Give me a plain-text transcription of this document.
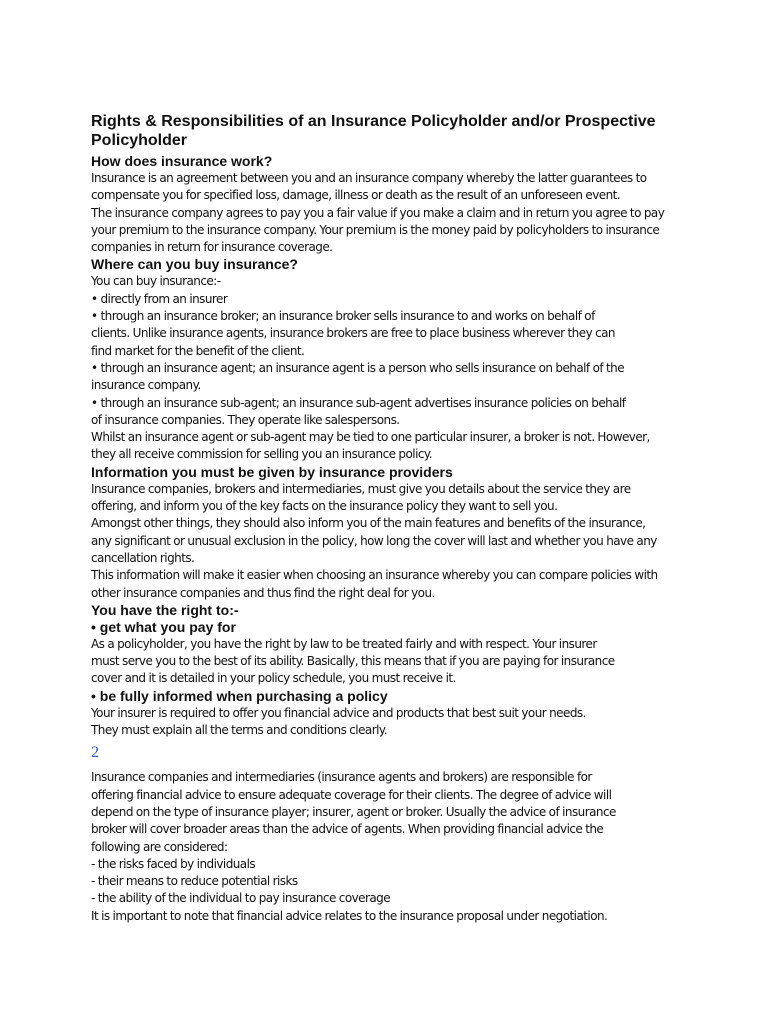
Rights & Responsibilities of an Insurance Policyholder and/or Prospective
Policyholder
How does insurance work?

Insurance is an agreement between you and an insurance company whereby the latter guarantees to

compensate you for specified loss, damage, illness or death as the result of an unforeseen event.

The insurance company agrees to pay you a fair value if you make a claim and in return you agree to pay

your premium to the insurance company. Your premium is the money paid by policyholders to insurance

companies in return for insurance coverage.

Where can you buy insurance?

You can buy insurance:-

• directly from an insurer

• through an insurance broker; an insurance broker sells insurance to and works on behalf of

clients. Unlike insurance agents, insurance brokers are free to place business wherever they can

find market for the benefit of the client.

• through an insurance agent; an insurance agent is a person who sells insurance on behalf of the

insurance company.

• through an insurance sub-agent; an insurance sub-agent advertises insurance policies on behalf

of insurance companies. They operate like salespersons.

Whilst an insurance agent or sub-agent may be tied to one particular insurer, a broker is not. However,

they all receive commission for selling you an insurance policy.

Information you must be given by insurance providers

Insurance companies, brokers and intermediaries, must give you details about the service they are

offering, and inform you of the key facts on the insurance policy they want to sell you.

Amongst other things, they should also inform you of the main features and benefits of the insurance,

any significant or unusual exclusion in the policy, how long the cover will last and whether you have any

cancellation rights.

This information will make it easier when choosing an insurance whereby you can compare policies with

other insurance companies and thus find the right deal for you.

You have the right to:-
• get what you pay for

As a policyholder, you have the right by law to be treated fairly and with respect. Your insurer

must serve you to the best of its ability. Basically, this means that if you are paying for insurance

cover and it is detailed in your policy schedule, you must receive it.

• be fully informed when purchasing a policy

Your insurer is required to offer you financial advice and products that best suit your needs.

They must explain all the terms and conditions clearly.

2

Insurance companies and intermediaries (insurance agents and brokers) are responsible for

offering financial advice to ensure adequate coverage for their clients. The degree of advice will

depend on the type of insurance player; insurer, agent or broker. Usually the advice of insurance

broker will cover broader areas than the advice of agents. When providing financial advice the

following are considered:

- the risks faced by individuals

- their means to reduce potential risks

- the ability of the individual to pay insurance coverage

It is important to note that financial advice relates to the insurance proposal under negotiation.
